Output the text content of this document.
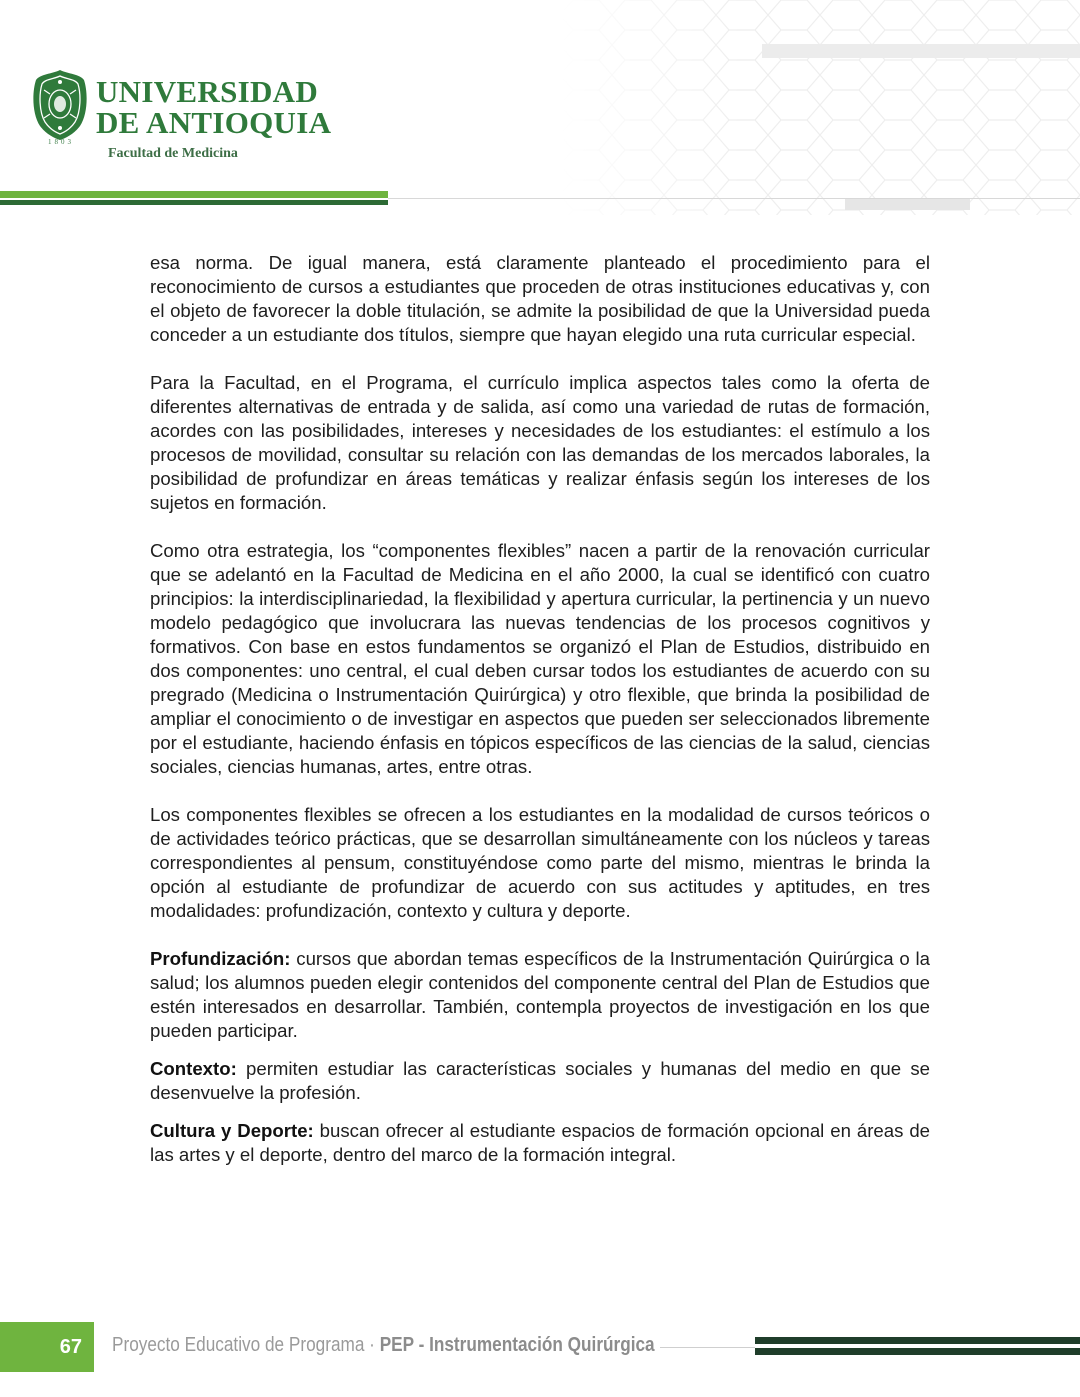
1803
UNIVERSIDAD
DE ANTIOQUIA
Facultad de Medicina

esa norma. De igual manera, está claramente planteado el procedimiento para el reconocimiento de cursos a estudiantes que proceden de otras instituciones educativas y, con el objeto de favorecer la doble titulación, se admite la posibilidad de que la Universidad pueda conceder a un estudiante dos títulos, siempre que hayan elegido una ruta curricular especial.

Para la Facultad, en el Programa, el currículo implica aspectos tales como la oferta de diferentes alternativas de entrada y de salida, así como una variedad de rutas de formación, acordes con las posibilidades, intereses y necesidades de los estudiantes: el estímulo a los procesos de movilidad, consultar su relación con las demandas de los mercados laborales, la posibilidad de profundizar en áreas temáticas y realizar énfasis según los intereses de los sujetos en formación.

Como otra estrategia, los “componentes flexibles” nacen a partir de la renovación curricular que se adelantó en la Facultad de Medicina en el año 2000, la cual se identificó con cuatro principios: la interdisciplinariedad, la flexibilidad y apertura curricular, la pertinencia y un nuevo modelo pedagógico que involucrara las nuevas tendencias de los procesos cognitivos y formativos. Con base en estos fundamentos se organizó el Plan de Estudios, distribuido en dos componentes: uno central, el cual deben cursar todos los estudiantes de acuerdo con su pregrado (Medicina o Instrumentación Quirúrgica) y otro flexible, que brinda la posibilidad de ampliar el conocimiento o de investigar en aspectos que pueden ser seleccionados libremente por el estudiante, haciendo énfasis en tópicos específicos de las ciencias de la salud, ciencias sociales, ciencias humanas, artes, entre otras.

Los componentes flexibles se ofrecen a los estudiantes en la modalidad de cursos teóricos o de actividades teórico prácticas, que se desarrollan simultáneamente con los núcleos y tareas correspondientes al pensum, constituyéndose como parte del mismo, mientras le brinda la opción al estudiante de profundizar de acuerdo con sus actitudes y aptitudes, en tres modalidades: profundización, contexto y cultura y deporte.

Profundización: cursos que abordan temas específicos de la Instrumentación Quirúrgica o la salud; los alumnos pueden elegir contenidos del componente central del Plan de Estudios que estén interesados en desarrollar. También, contempla proyectos de investigación en los que pueden participar.

Contexto: permiten estudiar las características sociales y humanas del medio en que se desenvuelve la profesión.

Cultura y Deporte: buscan ofrecer al estudiante espacios de formación opcional en áreas de las artes y el deporte, dentro del marco de la formación integral.

67	Proyecto Educativo de Programa · PEP - Instrumentación Quirúrgica
